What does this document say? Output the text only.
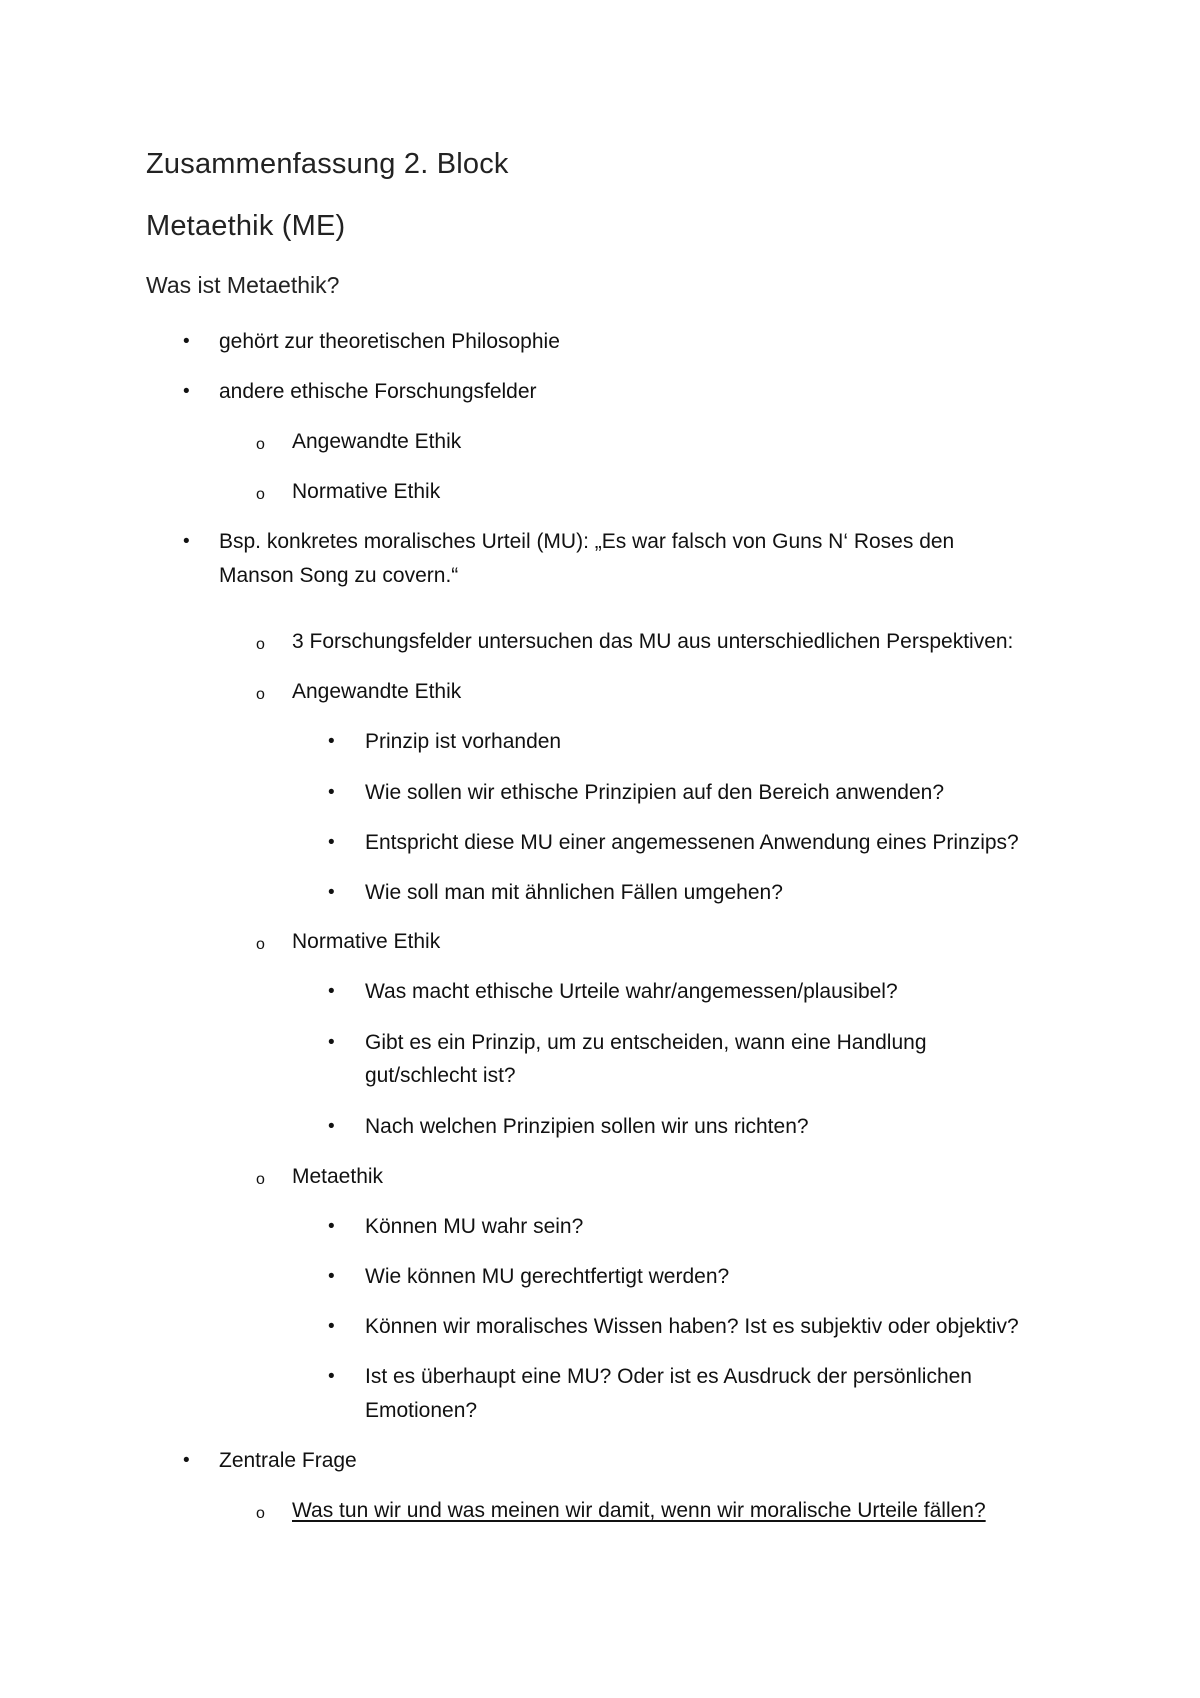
Zusammenfassung 2. Block
Metaethik (ME)
Was ist Metaethik?
• gehört zur theoretischen Philosophie
• andere ethische Forschungsfelder
o Angewandte Ethik
o Normative Ethik
• Bsp. konkretes moralisches Urteil (MU): „Es war falsch von Guns N‘ Roses den
Manson Song zu covern.“
o 3 Forschungsfelder untersuchen das MU aus unterschiedlichen Perspektiven:
o Angewandte Ethik
• Prinzip ist vorhanden
• Wie sollen wir ethische Prinzipien auf den Bereich anwenden?
• Entspricht diese MU einer angemessenen Anwendung eines Prinzips?
• Wie soll man mit ähnlichen Fällen umgehen?
o Normative Ethik
• Was macht ethische Urteile wahr/angemessen/plausibel?
• Gibt es ein Prinzip, um zu entscheiden, wann eine Handlung
gut/schlecht ist?
• Nach welchen Prinzipien sollen wir uns richten?
o Metaethik
• Können MU wahr sein?
• Wie können MU gerechtfertigt werden?
• Können wir moralisches Wissen haben? Ist es subjektiv oder objektiv?
• Ist es überhaupt eine MU? Oder ist es Ausdruck der persönlichen
Emotionen?
• Zentrale Frage
o Was tun wir und was meinen wir damit, wenn wir moralische Urteile fällen?
